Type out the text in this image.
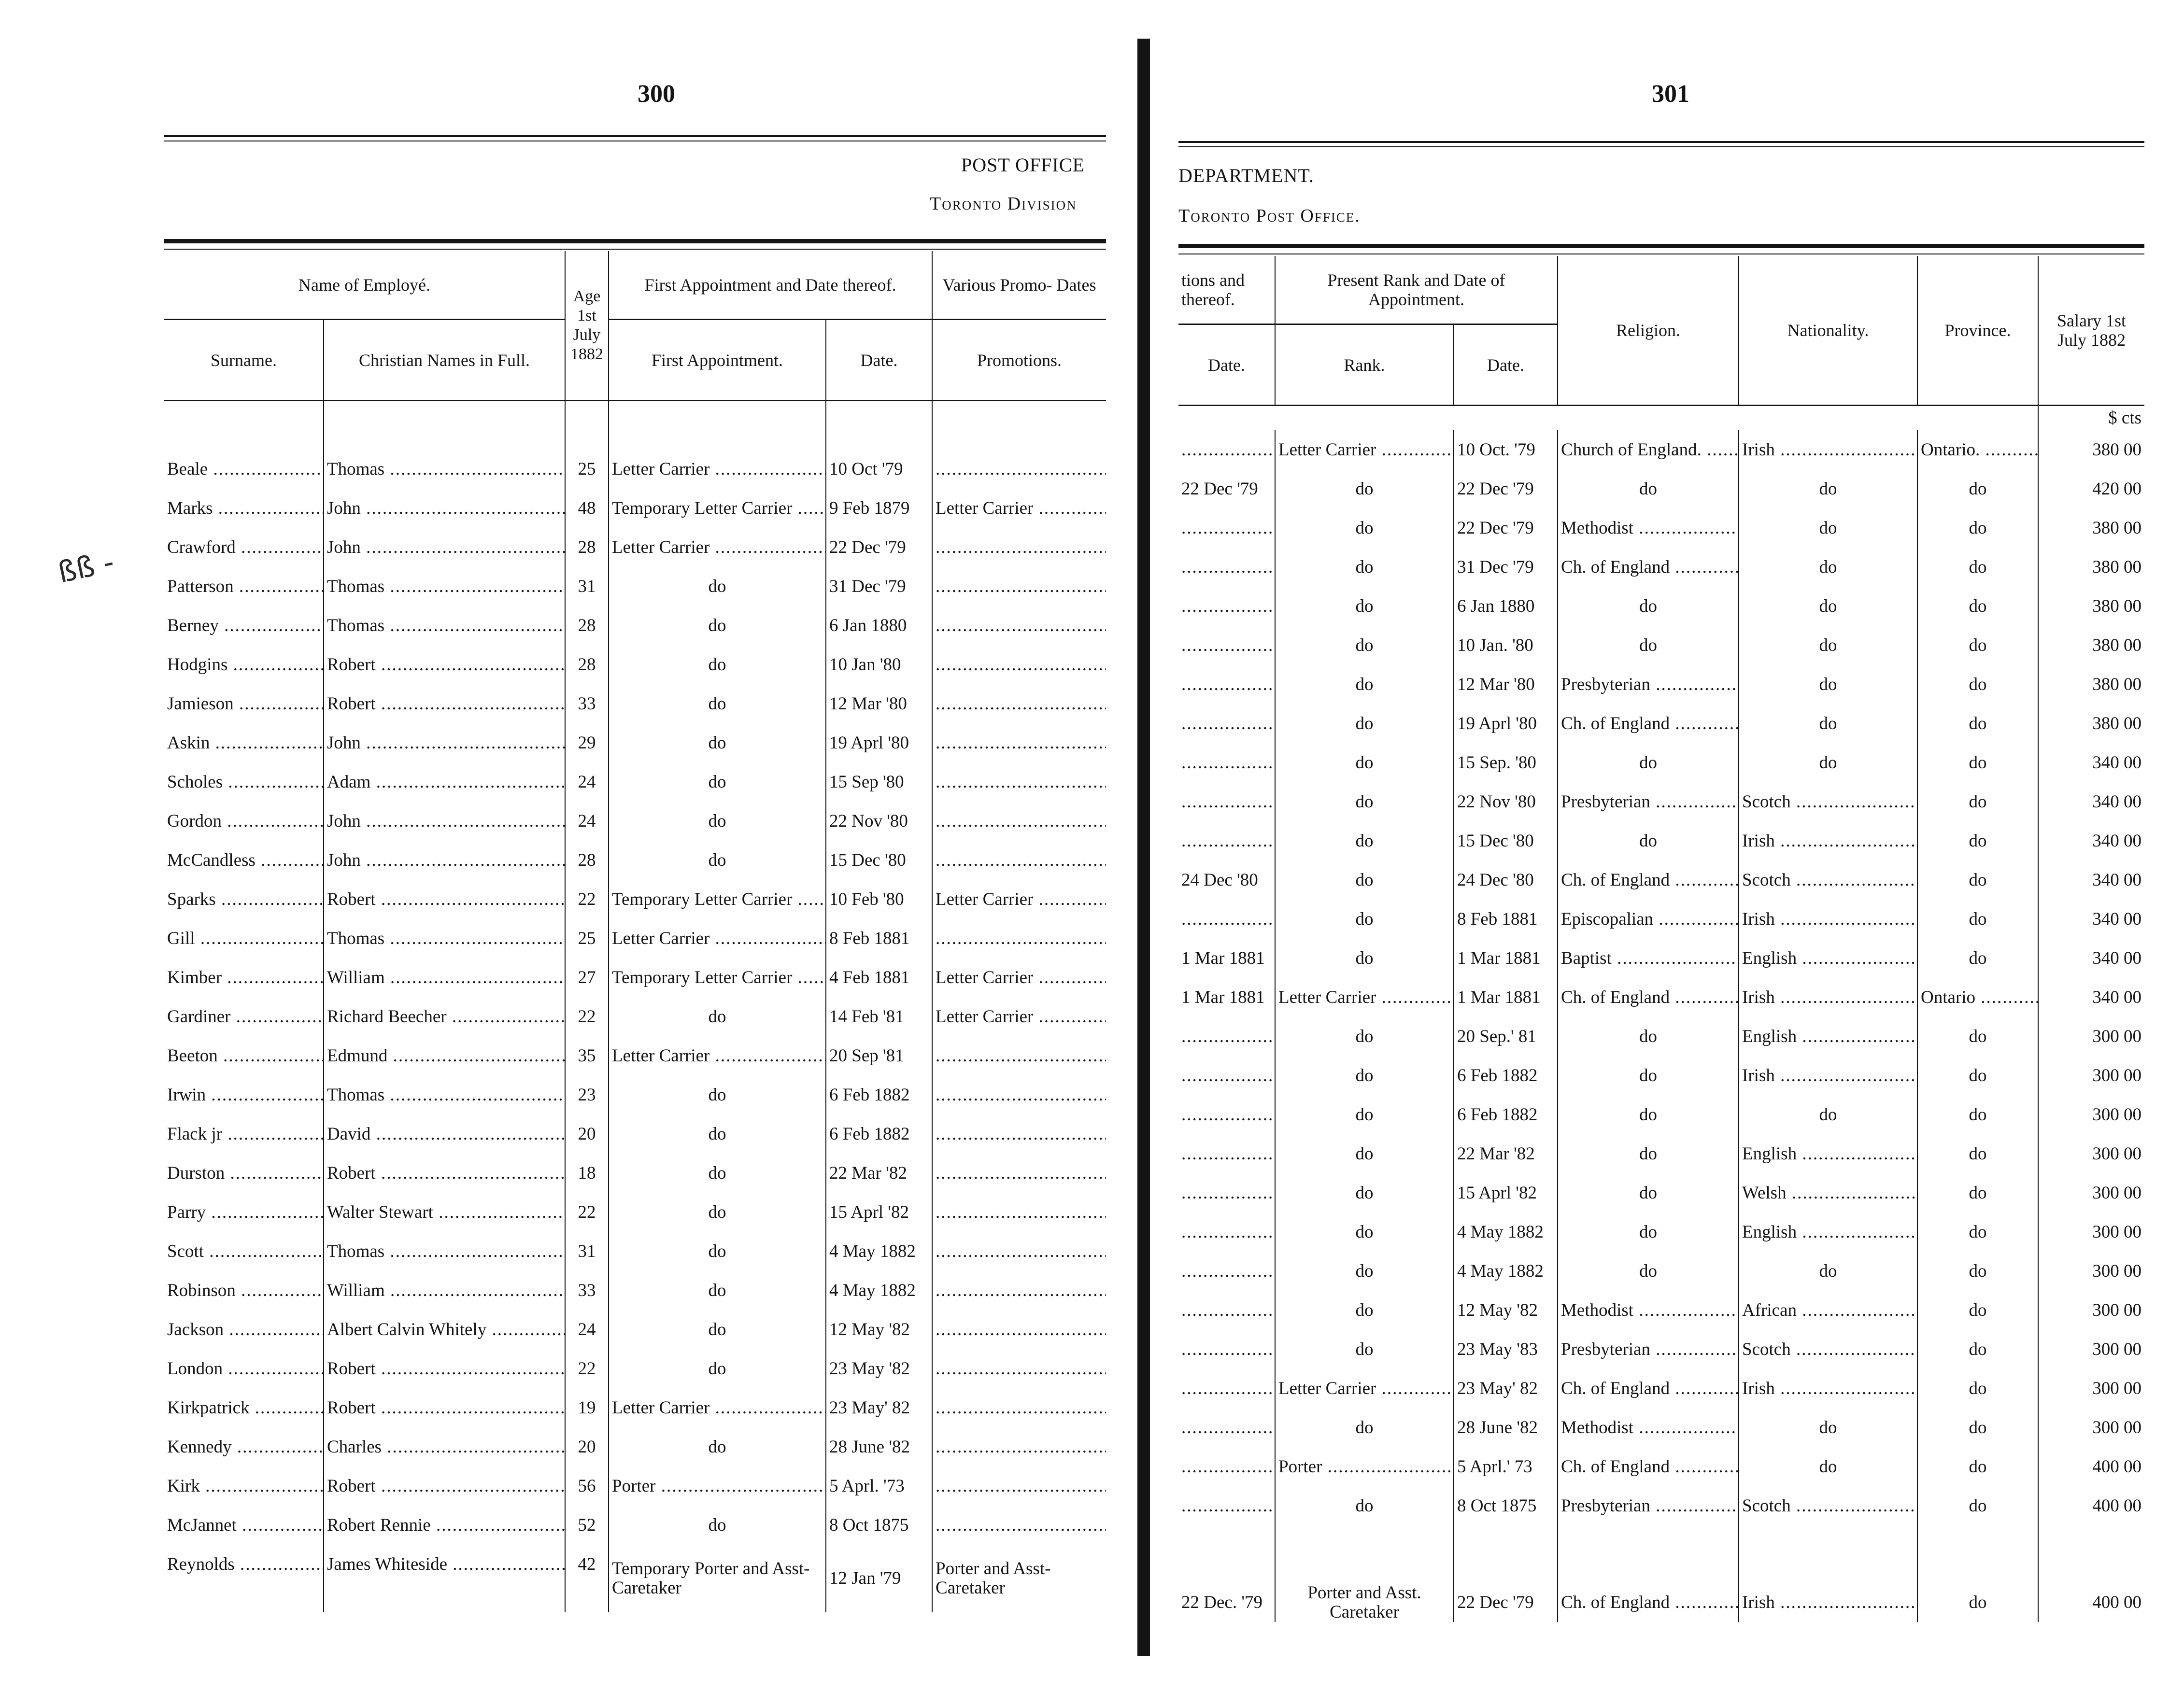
300
POST OFFICE
Toronto Division
ßß -
Name of Employé.		Age 1st July 1882	First Appointment and Date thereof.		Various Promo- Dates
Surname.	Christian Names in Full.		First Appointment.	Date.	Promotions.

Beale .....	Thomas .....	25	Letter Carrier .....	10 Oct '79	.....
Marks .....	John .....	48	Temporary Letter Carrier .....	9 Feb 1879	Letter Carrier .....
Crawford .....	John .....	28	Letter Carrier .....	22 Dec '79	.....
Patterson .....	Thomas .....	31	do	31 Dec '79	.....
Berney .....	Thomas .....	28	do	6 Jan 1880	.....
Hodgins .....	Robert .....	28	do	10 Jan '80	.....
Jamieson .....	Robert .....	33	do	12 Mar '80	.....
Askin .....	John .....	29	do	19 Aprl '80	.....
Scholes .....	Adam .....	24	do	15 Sep '80	.....
Gordon .....	John .....	24	do	22 Nov '80	.....
McCandless .....	John .....	28	do	15 Dec '80	.....
Sparks .....	Robert .....	22	Temporary Letter Carrier .....	10 Feb '80	Letter Carrier .....
Gill .....	Thomas .....	25	Letter Carrier .....	8 Feb 1881	.....
Kimber .....	William .....	27	Temporary Letter Carrier .....	4 Feb 1881	Letter Carrier .....
Gardiner .....	Richard Beecher .....	22	do	14 Feb '81	Letter Carrier .....
Beeton .....	Edmund .....	35	Letter Carrier .....	20 Sep '81	.....
Irwin .....	Thomas .....	23	do	6 Feb 1882	.....
Flack jr .....	David .....	20	do	6 Feb 1882	.....
Durston .....	Robert .....	18	do	22 Mar '82	.....
Parry .....	Walter Stewart .....	22	do	15 Aprl '82	.....
Scott .....	Thomas .....	31	do	4 May 1882	.....
Robinson .....	William .....	33	do	4 May 1882	.....
Jackson .....	Albert Calvin Whitely .....	24	do	12 May '82	.....
London .....	Robert .....	22	do	23 May '82	.....
Kirkpatrick .....	Robert .....	19	Letter Carrier .....	23 May' 82	.....
Kennedy .....	Charles .....	20	do	28 June '82	.....
Kirk .....	Robert .....	56	Porter .....	5 Aprl. '73	.....
McJannet .....	Robert Rennie .....	52	do	8 Oct 1875	.....
Reynolds .....	James Whiteside .....	42	Temporary Porter and Asst-Caretaker	12 Jan '79	Porter and Asst-Caretaker
301
DEPARTMENT.
Toronto Post Office.
tions and thereof.	Present Rank and Date of Appointment.		Religion.	Nationality.	Province.	Salary 1st July 1882
Date.	Rank.	Date.				
						$ cts
.....	Letter Carrier .....	10 Oct. '79	Church of England. .....	Irish .....	Ontario. .....	380 00
22 Dec '79	do	22 Dec '79	do	do	do	420 00
.....	do	22 Dec '79	Methodist .....	do	do	380 00
.....	do	31 Dec '79	Ch. of England .....	do	do	380 00
.....	do	6 Jan 1880	do	do	do	380 00
.....	do	10 Jan. '80	do	do	do	380 00
.....	do	12 Mar '80	Presbyterian .....	do	do	380 00
.....	do	19 Aprl '80	Ch. of England .....	do	do	380 00
.....	do	15 Sep. '80	do	do	do	340 00
.....	do	22 Nov '80	Presbyterian .....	Scotch .....	do	340 00
.....	do	15 Dec '80	do	Irish .....	do	340 00
24 Dec '80	do	24 Dec '80	Ch. of England .....	Scotch .....	do	340 00
.....	do	8 Feb 1881	Episcopalian .....	Irish .....	do	340 00
1 Mar 1881	do	1 Mar 1881	Baptist .....	English .....	do	340 00
1 Mar 1881	Letter Carrier .....	1 Mar 1881	Ch. of England .....	Irish .....	Ontario .....	340 00
.....	do	20 Sep.' 81	do	English .....	do	300 00
.....	do	6 Feb 1882	do	Irish .....	do	300 00
.....	do	6 Feb 1882	do	do	do	300 00
.....	do	22 Mar '82	do	English .....	do	300 00
.....	do	15 Aprl '82	do	Welsh .....	do	300 00
.....	do	4 May 1882	do	English .....	do	300 00
.....	do	4 May 1882	do	do	do	300 00
.....	do	12 May '82	Methodist .....	African .....	do	300 00
.....	do	23 May '83	Presbyterian .....	Scotch .....	do	300 00
.....	Letter Carrier .....	23 May' 82	Ch. of England .....	Irish .....	do	300 00
.....	do	28 June '82	Methodist .....	do	do	300 00
.....	Porter .....	5 Aprl.' 73	Ch. of England .....	do	do	400 00
.....	do	8 Oct 1875	Presbyterian .....	Scotch .....	do	400 00
22 Dec. '79	Porter and Asst. Caretaker	22 Dec '79	Ch. of England .....	Irish .....	do	400 00
